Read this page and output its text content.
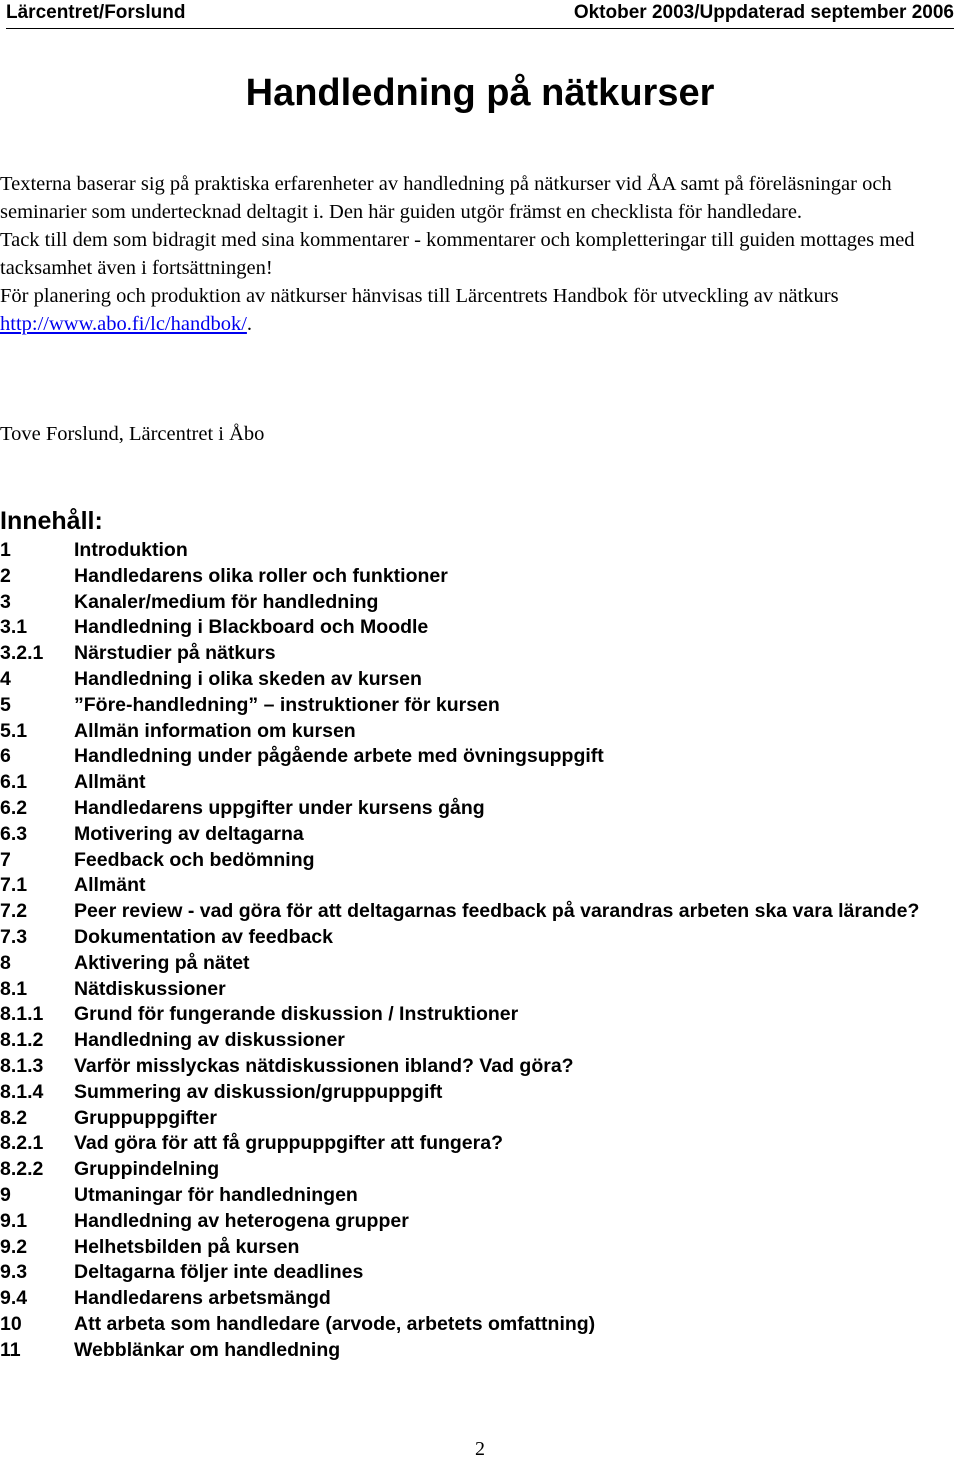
Lärcentret/Forslund	Oktober 2003/Uppdaterad september 2006
Handledning på nätkurser

Texterna baserar sig på praktiska erfarenheter av handledning på nätkurser vid ÅA samt på föreläsningar och seminarier som undertecknad deltagit i. Den här guiden utgör främst en checklista för handledare.

Tack till dem som bidragit med sina kommentarer - kommentarer och kompletteringar till guiden mottages med tacksamhet även i fortsättningen!

För planering och produktion av nätkurser hänvisas till Lärcentrets Handbok för utveckling av nätkurs http://www.abo.fi/lc/handbok/.

Tove Forslund, Lärcentret i Åbo
Innehåll:
1	Introduktion
2	Handledarens olika roller och funktioner
3	Kanaler/medium för handledning
3.1 Handledning i Blackboard och Moodle
3.2.1 Närstudier på nätkurs
4	Handledning i olika skeden av kursen
5	”Före-handledning” – instruktioner för kursen
5.1 Allmän information om kursen
6	Handledning under pågående arbete med övningsuppgift
6.1 Allmänt
6.2 Handledarens uppgifter under kursens gång
6.3 Motivering av deltagarna
7	Feedback och bedömning
7.1 Allmänt
7.2 Peer review - vad göra för att deltagarnas feedback på varandras arbeten ska vara lärande?
7.3 Dokumentation av feedback
8	Aktivering på nätet
8.1 Nätdiskussioner
8.1.1 Grund för fungerande diskussion / Instruktioner
8.1.2 Handledning av diskussioner
8.1.3 Varför misslyckas nätdiskussionen ibland? Vad göra?
8.1.4 Summering av diskussion/gruppuppgift
8.2 Gruppuppgifter
8.2.1 Vad göra för att få gruppuppgifter att fungera?
8.2.2 Gruppindelning
9	Utmaningar för handledningen
9.1 Handledning av heterogena grupper
9.2 Helhetsbilden på kursen
9.3 Deltagarna följer inte deadlines
9.4 Handledarens arbetsmängd
10	Att arbeta som handledare (arvode, arbetets omfattning)
11	Webblänkar om handledning
2
